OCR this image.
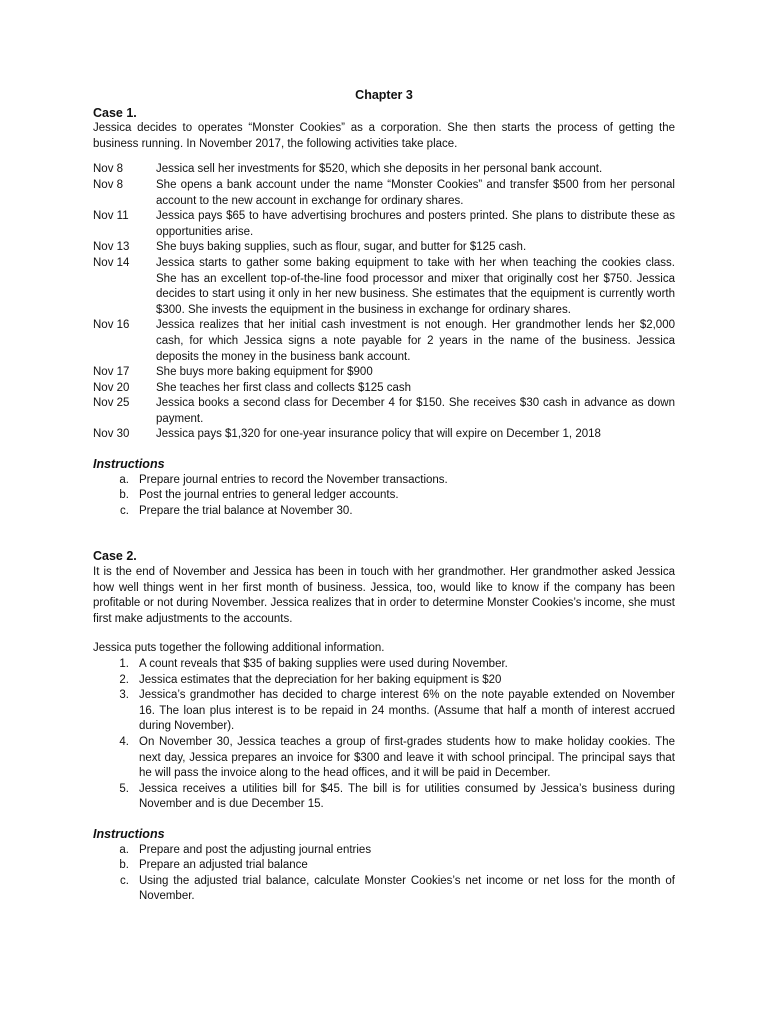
Chapter 3
Case 1.

Jessica decides to operates “Monster Cookies” as a corporation. She then starts the process of getting the business running. In November 2017, the following activities take place.

Nov 8	Jessica sell her investments for $520, which she deposits in her personal bank account.
Nov 8	She opens a bank account under the name “Monster Cookies” and transfer $500 from her personal account to the new account in exchange for ordinary shares.
Nov 11	Jessica pays $65 to have advertising brochures and posters printed. She plans to distribute these as opportunities arise.
Nov 13	She buys baking supplies, such as flour, sugar, and butter for $125 cash.
Nov 14	Jessica starts to gather some baking equipment to take with her when teaching the cookies class. She has an excellent top-of-the-line food processor and mixer that originally cost her $750. Jessica decides to start using it only in her new business. She estimates that the equipment is currently worth $300. She invests the equipment in the business in exchange for ordinary shares.
Nov 16	Jessica realizes that her initial cash investment is not enough. Her grandmother lends her $2,000 cash, for which Jessica signs a note payable for 2 years in the name of the business. Jessica deposits the money in the business bank account.
Nov 17	She buys more baking equipment for $900
Nov 20	She teaches her first class and collects $125 cash
Nov 25	Jessica books a second class for December 4 for $150. She receives $30 cash in advance as down payment.
Nov 30	Jessica pays $1,320 for one-year insurance policy that will expire on December 1, 2018
Instructions
a. Prepare journal entries to record the November transactions.
b. Post the journal entries to general ledger accounts.
c. Prepare the trial balance at November 30.
Case 2.

It is the end of November and Jessica has been in touch with her grandmother. Her grandmother asked Jessica how well things went in her first month of business. Jessica, too, would like to know if the company has been profitable or not during November. Jessica realizes that in order to determine Monster Cookies’s income, she must first make adjustments to the accounts.

Jessica puts together the following additional information.

1. A count reveals that $35 of baking supplies were used during November.
2. Jessica estimates that the depreciation for her baking equipment is $20
3. Jessica’s grandmother has decided to charge interest 6% on the note payable extended on November 16. The loan plus interest is to be repaid in 24 months. (Assume that half a month of interest accrued during November).
4. On November 30, Jessica teaches a group of first-grades students how to make holiday cookies. The next day, Jessica prepares an invoice for $300 and leave it with school principal. The principal says that he will pass the invoice along to the head offices, and it will be paid in December.
5. Jessica receives a utilities bill for $45. The bill is for utilities consumed by Jessica’s business during November and is due December 15.
Instructions
a. Prepare and post the adjusting journal entries
b. Prepare an adjusted trial balance
c. Using the adjusted trial balance, calculate Monster Cookies’s net income or net loss for the month of November.
